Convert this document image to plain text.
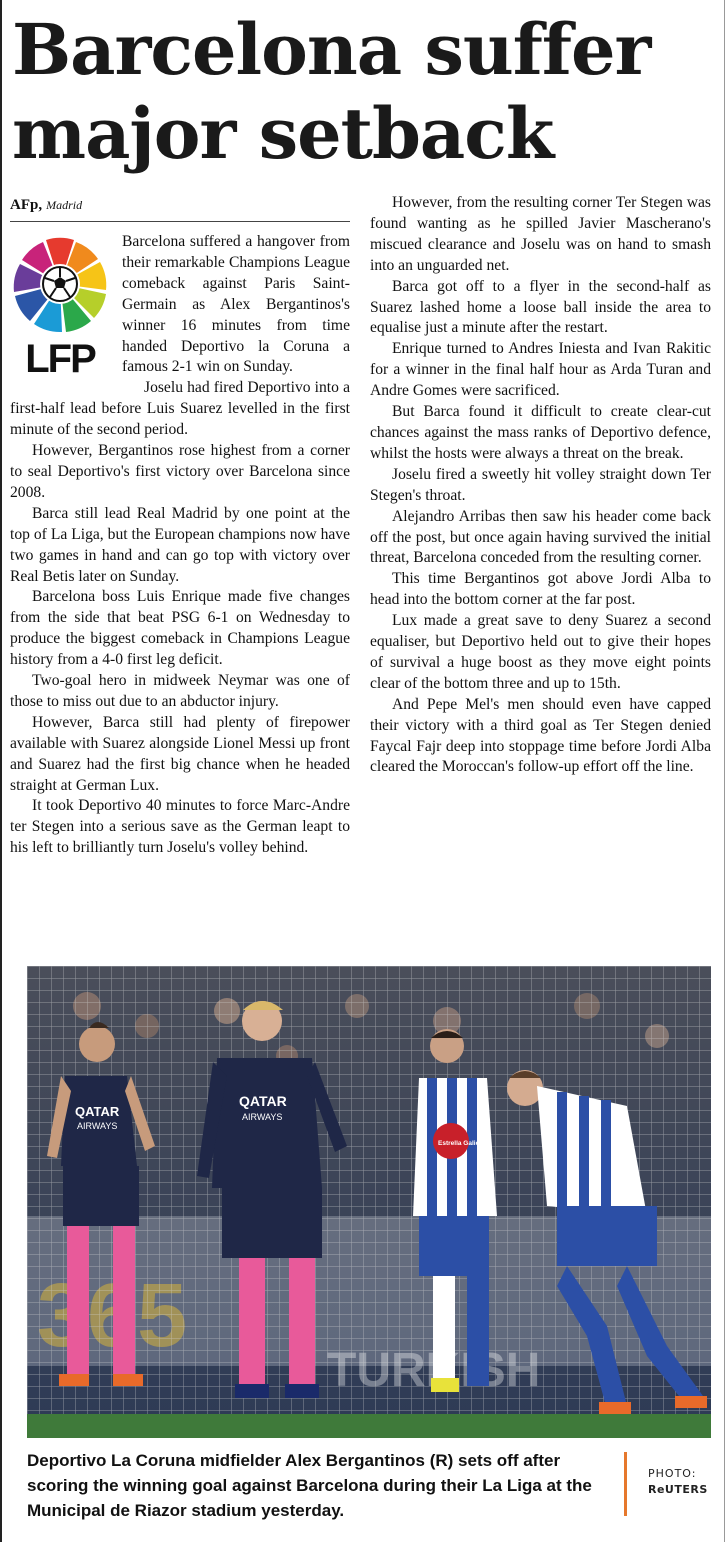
Barcelona suffer major setback
AFp, Madrid
LFP

Barcelona suffered a hangover from their remarkable Champions League comeback against Paris Saint-Germain as Alex Bergantinos's winner 16 minutes from time handed Deportivo la Coruna a famous 2-1 win on Sunday.

Joselu had fired Deportivo into a first-half lead before Luis Suarez levelled in the first minute of the second period.

However, Bergantinos rose highest from a corner to seal Deportivo's first victory over Barcelona since 2008.

Barca still lead Real Madrid by one point at the top of La Liga, but the European champions now have two games in hand and can go top with victory over Real Betis later on Sunday.

Barcelona boss Luis Enrique made five changes from the side that beat PSG 6-1 on Wednesday to produce the biggest comeback in Champions League history from a 4-0 first leg deficit.

Two-goal hero in midweek Neymar was one of those to miss out due to an abductor injury.

However, Barca still had plenty of firepower available with Suarez alongside Lionel Messi up front and Suarez had the first big chance when he headed straight at German Lux.

It took Deportivo 40 minutes to force Marc-Andre ter Stegen into a serious save as the German leapt to his left to brilliantly turn Joselu's volley behind.

However, from the resulting corner Ter Stegen was found wanting as he spilled Javier Mascherano's miscued clearance and Joselu was on hand to smash into an unguarded net.

Barca got off to a flyer in the second-half as Suarez lashed home a loose ball inside the area to equalise just a minute after the restart.

Enrique turned to Andres Iniesta and Ivan Rakitic for a winner in the final half hour as Arda Turan and Andre Gomes were sacrificed.

But Barca found it difficult to create clear-cut chances against the mass ranks of Deportivo defence, whilst the hosts were always a threat on the break.

Joselu fired a sweetly hit volley straight down Ter Stegen's throat.

Alejandro Arribas then saw his header come back off the post, but once again having survived the initial threat, Barcelona conceded from the resulting corner.

This time Bergantinos got above Jordi Alba to head into the bottom corner at the far post.

Lux made a great save to deny Suarez a second equaliser, but Deportivo held out to give their hopes of survival a huge boost as they move eight points clear of the bottom three and up to 15th.

And Pepe Mel's men should even have capped their victory with a third goal as Ter Stegen denied Faycal Fajr deep into stoppage time before Jordi Alba cleared the Moroccan's follow-up effort off the line.

QATAR
AIRWAYS
QATAR
AIRWAYS
Estrella Galicia
Deportivo La Coruna midfielder Alex Bergantinos (R) sets off after scoring the winning goal against Barcelona during their La Liga at the Municipal de Riazor stadium yesterday.
PHOTO:
ReUTERS
